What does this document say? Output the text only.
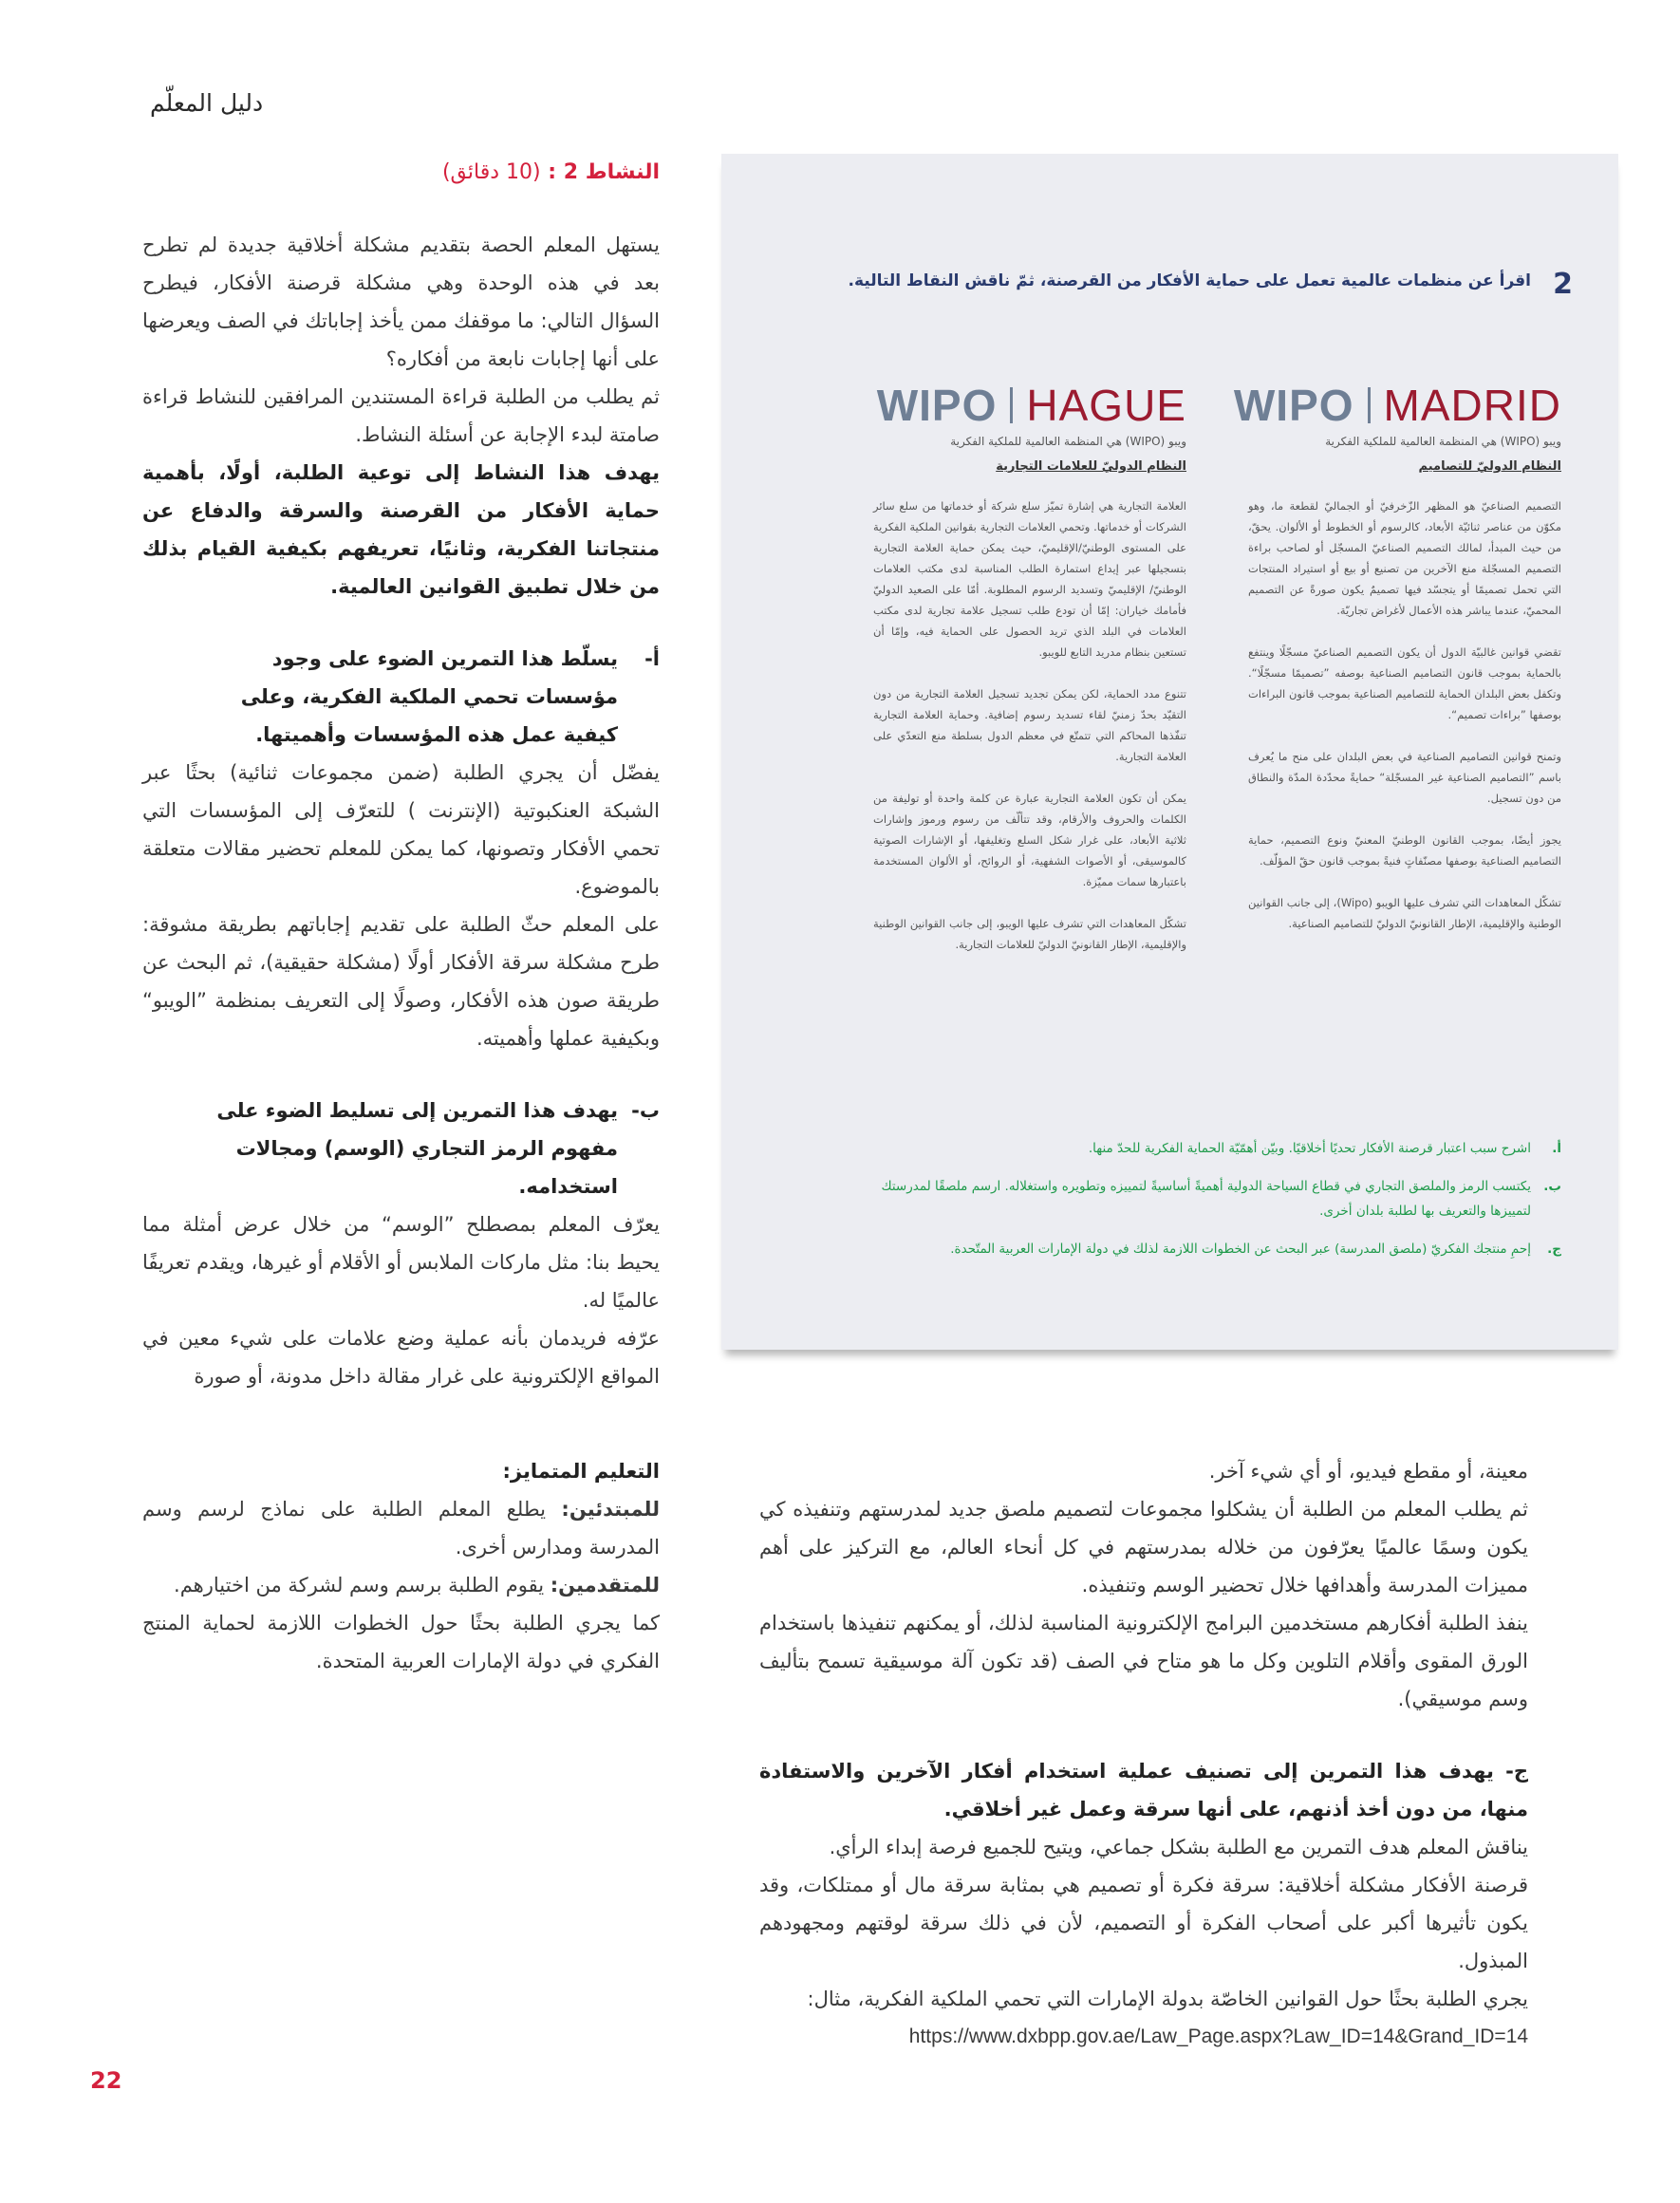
دليل المعلّم
النشاط 2 : (10 دقائق)

يستهل المعلم الحصة بتقديم مشكلة أخلاقية جديدة لم تطرح بعد في هذه الوحدة وهي مشكلة قرصنة الأفكار، فيطرح السؤال التالي: ما موقفك ممن يأخذ إجاباتك في الصف ويعرضها على أنها إجابات نابعة من أفكاره؟

ثم يطلب من الطلبة قراءة المستندين المرافقين للنشاط قراءة صامتة لبدء الإجابة عن أسئلة النشاط.

يهدف هذا النشاط إلى توعية الطلبة، أولًا، بأهمية حماية الأفكار من القرصنة والسرقة والدفاع عن منتجاتنا الفكرية، وثانيًا، تعريفهم بكيفية القيام بذلك من خلال تطبيق القوانين العالمية.

أ-
يسلّط هذا التمرين الضوء على وجود مؤسسات تحمي الملكية الفكرية، وعلى كيفية عمل هذه المؤسسات وأهميتها.

يفضّل أن يجري الطلبة (ضمن مجموعات ثنائية) بحثًا عبر الشبكة العنكبوتية (الإنترنت ) للتعرّف إلى المؤسسات التي تحمي الأفكار وتصونها، كما يمكن للمعلم تحضير مقالات متعلقة بالموضوع.

على المعلم حثّ الطلبة على تقديم إجاباتهم بطريقة مشوقة: طرح مشكلة سرقة الأفكار أولًا (مشكلة حقيقية)، ثم البحث عن طريقة صون هذه الأفكار، وصولًا إلى التعريف بمنظمة ”الويبو“ وبكيفية عملها وأهميته.

ب-
يهدف هذا التمرين إلى تسليط الضوء على مفهوم الرمز التجاري (الوسم) ومجالات استخدامه.

يعرّف المعلم بمصطلح ”الوسم“ من خلال عرض أمثلة مما يحيط بنا: مثل ماركات الملابس أو الأقلام أو غيرها، ويقدم تعريفًا عالميًا له.

عرّفه فريدمان بأنه عملية وضع علامات على شيء معين في المواقع الإلكترونية على غرار مقالة داخل مدونة، أو صورة

2
اقرأ عن منظمات عالمية تعمل على حماية الأفكار من القرصنة، ثمّ ناقش النقاط التالية.
WIPO MADRID
ويبو (WIPO) هي المنظمة العالمية للملكية الفكرية
النظام الدوليّ للتصاميم
WIPO HAGUE
ويبو (WIPO) هي المنظمة العالمية للملكية الفكرية
النظام الدوليّ للعلامات التجارية

التصميم الصناعيّ هو المظهر الزّخرفيّ أو الجماليّ لقطعة ما، وهو مكوّن من عناصر ثنائيّة الأبعاد، كالرسوم أو الخطوط أو الألوان. يحقّ، من حيث المبدأ، لمالك التصميم الصناعيّ المسجّل أو لصاحب براءة التصميم المسجّلة منع الآخرين من تصنيع أو بيع أو استيراد المنتجات التي تحمل تصميمًا أو يتجسّد فيها تصميمٌ يكون صورةً عن التصميم المحميّ، عندما يباشر هذه الأعمال لأغراض تجاريّة.

تقضي قوانين غالبيّة الدول أن يكون التصميم الصناعيّ مسجّلًا وينتفع بالحماية بموجب قانون التصاميم الصناعية بوصفه ”تصميمًا مسجّلًا“. وتكفل بعض البلدان الحماية للتصاميم الصناعية بموجب قانون البراءات بوصفها ”براءات تصميم“.

وتمنح قوانين التصاميم الصناعية في بعض البلدان على منح ما يُعرف باسم ”التصاميم الصناعية غير المسجّلة“ حمايةً محدّدة المدّة والنطاق من دون تسجيل.

يجوز أيضًا، بموجب القانون الوطنيّ المعنيّ ونوع التصميم، حماية التصاميم الصناعية بوصفها مصنّفاتٍ فنيةً بموجب قانون حقّ المؤلّف.

تشكّل المعاهدات التي تشرف عليها الويبو (Wipo)، إلى جانب القوانين الوطنية والإقليمية، الإطار القانونيّ الدوليّ للتصاميم الصناعية.

العلامة التجارية هي إشارة تميّز سلع شركة أو خدماتها من سلع سائر الشركات أو خدماتها. وتحمي العلامات التجارية بقوانين الملكية الفكرية على المستوى الوطنيّ/الإقليميّ، حيث يمكن حماية العلامة التجارية بتسجيلها عبر إيداع استمارة الطلب المناسبة لدى مكتب العلامات الوطنيّ/ الإقليميّ وتسديد الرسوم المطلوبة. أمّا على الصعيد الدوليّ فأمامك خياران: إمّا أن تودع طلب تسجيل علامة تجارية لدى مكتب العلامات في البلد الذي تريد الحصول على الحماية فيه، وإمّا أن تستعين بنظام مدريد التابع للويبو.

تتنوع مدد الحماية، لكن يمكن تجديد تسجيل العلامة التجارية من دون التقيّد بحدّ زمنيّ لقاء تسديد رسوم إضافية. وحماية العلامة التجارية تنفّذها المحاكم التي تتمتّع في معظم الدول بسلطة منع التعدّي على العلامة التجارية.

يمكن أن تكون العلامة التجارية عبارة عن كلمة واحدة أو توليفة من الكلمات والحروف والأرقام، وقد تتألّف من رسوم ورموز وإشارات ثلاثية الأبعاد، على غرار شكل السلع وتغليفها، أو الإشارات الصوتية كالموسيقى، أو الأصوات الشفهية، أو الروائح، أو الألوان المستخدمة باعتبارها سمات مميّزة.

تشكّل المعاهدات التي تشرف عليها الويبو، إلى جانب القوانين الوطنية والإقليمية، الإطار القانونيّ الدوليّ للعلامات التجارية.

أ.
اشرح سبب اعتبار قرصنة الأفكار تحديًا أخلاقيًا. وبيّن أهمّيّة الحماية الفكرية للحدّ منها.
ب.
يكتسب الرمز والملصق التجاري في قطاع السياحة الدولية أهميةً أساسيةً لتمييزه وتطويره واستغلاله. ارسم ملصقًا لمدرستك لتمييزها والتعريف بها لطلبة بلدان أخرى.
ج.
إحمِ منتجك الفكريّ (ملصق المدرسة) عبر البحث عن الخطوات اللازمة لذلك في دولة الإمارات العربية المتّحدة.

التعليم المتمايز:

للمبتدئين: يطلع المعلم الطلبة على نماذج لرسم وسم المدرسة ومدارس أخرى.

للمتقدمين: يقوم الطلبة برسم وسم لشركة من اختيارهم.

كما يجري الطلبة بحثًا حول الخطوات اللازمة لحماية المنتج الفكري في دولة الإمارات العربية المتحدة.

معينة، أو مقطع فيديو، أو أي شيء آخر.

ثم يطلب المعلم من الطلبة أن يشكلوا مجموعات لتصميم ملصق جديد لمدرستهم وتنفيذه كي يكون وسمًا عالميًا يعرّفون من خلاله بمدرستهم في كل أنحاء العالم، مع التركيز على أهم مميزات المدرسة وأهدافها خلال تحضير الوسم وتنفيذه.

ينفذ الطلبة أفكارهم مستخدمين البرامج الإلكترونية المناسبة لذلك، أو يمكنهم تنفيذها باستخدام الورق المقوى وأقلام التلوين وكل ما هو متاح في الصف (قد تكون آلة موسيقية تسمح بتأليف وسم موسيقي).

ج- يهدف هذا التمرين إلى تصنيف عملية استخدام أفكار الآخرين والاستفادة منها، من دون أخذ أذنهم، على أنها سرقة وعمل غير أخلاقي.

يناقش المعلم هدف التمرين مع الطلبة بشكل جماعي، ويتيح للجميع فرصة إبداء الرأي.

قرصنة الأفكار مشكلة أخلاقية: سرقة فكرة أو تصميم هي بمثابة سرقة مال أو ممتلكات، وقد يكون تأثيرها أكبر على أصحاب الفكرة أو التصميم، لأن في ذلك سرقة لوقتهم ومجهودهم المبذول.

يجري الطلبة بحثًا حول القوانين الخاصّة بدولة الإمارات التي تحمي الملكية الفكرية، مثال:

https://www.dxbpp.gov.ae/Law_Page.aspx?Law_ID=14&Grand_ID=14
22
